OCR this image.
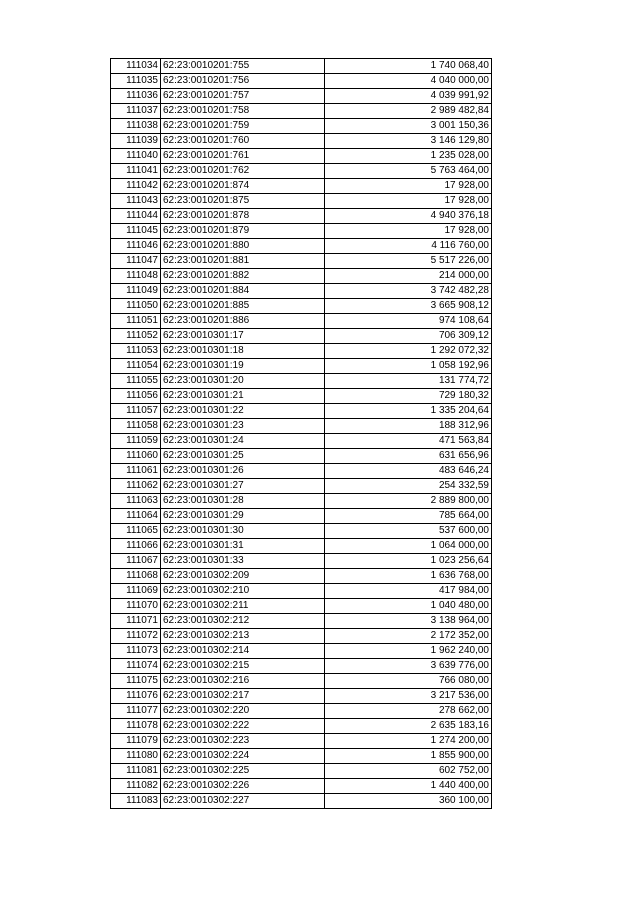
111034	62:23:0010201:755	1 740 068,40
111035	62:23:0010201:756	4 040 000,00
111036	62:23:0010201:757	4 039 991,92
111037	62:23:0010201:758	2 989 482,84
111038	62:23:0010201:759	3 001 150,36
111039	62:23:0010201:760	3 146 129,80
111040	62:23:0010201:761	1 235 028,00
111041	62:23:0010201:762	5 763 464,00
111042	62:23:0010201:874	17 928,00
111043	62:23:0010201:875	17 928,00
111044	62:23:0010201:878	4 940 376,18
111045	62:23:0010201:879	17 928,00
111046	62:23:0010201:880	4 116 760,00
111047	62:23:0010201:881	5 517 226,00
111048	62:23:0010201:882	214 000,00
111049	62:23:0010201:884	3 742 482,28
111050	62:23:0010201:885	3 665 908,12
111051	62:23:0010201:886	974 108,64
111052	62:23:0010301:17	706 309,12
111053	62:23:0010301:18	1 292 072,32
111054	62:23:0010301:19	1 058 192,96
111055	62:23:0010301:20	131 774,72
111056	62:23:0010301:21	729 180,32
111057	62:23:0010301:22	1 335 204,64
111058	62:23:0010301:23	188 312,96
111059	62:23:0010301:24	471 563,84
111060	62:23:0010301:25	631 656,96
111061	62:23:0010301:26	483 646,24
111062	62:23:0010301:27	254 332,59
111063	62:23:0010301:28	2 889 800,00
111064	62:23:0010301:29	785 664,00
111065	62:23:0010301:30	537 600,00
111066	62:23:0010301:31	1 064 000,00
111067	62:23:0010301:33	1 023 256,64
111068	62:23:0010302:209	1 636 768,00
111069	62:23:0010302:210	417 984,00
111070	62:23:0010302:211	1 040 480,00
111071	62:23:0010302:212	3 138 964,00
111072	62:23:0010302:213	2 172 352,00
111073	62:23:0010302:214	1 962 240,00
111074	62:23:0010302:215	3 639 776,00
111075	62:23:0010302:216	766 080,00
111076	62:23:0010302:217	3 217 536,00
111077	62:23:0010302:220	278 662,00
111078	62:23:0010302:222	2 635 183,16
111079	62:23:0010302:223	1 274 200,00
111080	62:23:0010302:224	1 855 900,00
111081	62:23:0010302:225	602 752,00
111082	62:23:0010302:226	1 440 400,00
111083	62:23:0010302:227	360 100,00
